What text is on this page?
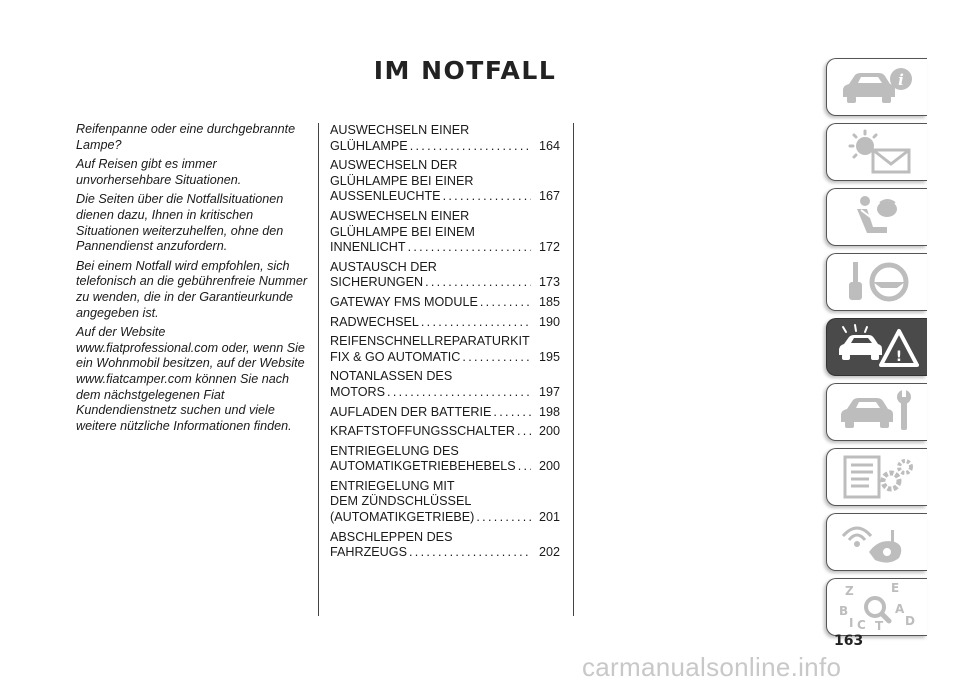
IM NOTFALL

Reifenpanne oder eine durchgebrannte Lampe?

Auf Reisen gibt es immer unvorhersehbare Situationen.

Die Seiten über die Notfallsituationen dienen dazu, Ihnen in kritischen Situationen weiterzuhelfen, ohne den Pannendienst anzufordern.

Bei einem Notfall wird empfohlen, sich telefonisch an die gebührenfreie Nummer zu wenden, die in der Garantieurkunde angegeben ist.

Auf der Website www.fiatprofessional.com oder, wenn Sie ein Wohnmobil besitzen, auf der Website www.fiatcamper.com können Sie nach dem nächstgelegenen Fiat Kundendienstnetz suchen und viele weitere nützliche Informationen finden.

AUSWECHSELN EINER
GLÜHLAMPE . . .	164
AUSWECHSELN DER
GLÜHLAMPE BEI EINER
AUSSENLEUCHTE . . .	167
AUSWECHSELN EINER
GLÜHLAMPE BEI EINEM
INNENLICHT . . .	172
AUSTAUSCH DER
SICHERUNGEN . . .	173
GATEWAY FMS MODULE . . .	185
RADWECHSEL . . .	190
REIFENSCHNELLREPARATURKIT
FIX & GO AUTOMATIC . . .	195
NOTANLASSEN DES
MOTORS . . .	197
AUFLADEN DER BATTERIE . . .	198
KRAFTSTOFFUNGSSCHALTER . . . 200
ENTRIEGELUNG DES
AUTOMATIKGETRIEBEHEBELS . . . 200
ENTRIEGELUNG MIT
DEM ZÜNDSCHLÜSSEL
(AUTOMATIKGETRIEBE) . . .	201
ABSCHLEPPEN DES
FAHRZEUGS . . .	202
i
!
Z	E
B	A
C	D
T
I
163
carmanualsonline.info
